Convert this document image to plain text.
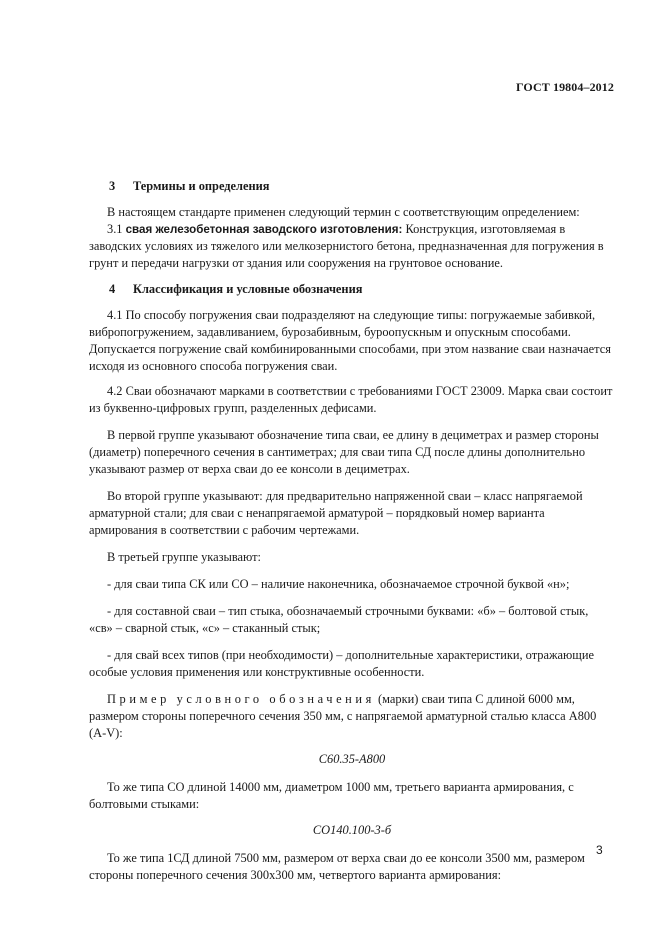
ГОСТ 19804–2012
3 Термины и определения

В настоящем стандарте применен следующий термин с соответствующим определением:

3.1 свая железобетонная заводского изготовления: Конструкция, изготовляемая в заводских условиях из тяжелого или мелкозернистого бетона, предназначенная для погружения в грунт и передачи нагрузки от здания или сооружения на грунтовое основание.

4 Классификация и условные обозначения

4.1 По способу погружения сваи подразделяют на следующие типы: погружаемые забивкой, вибропогружением, задавливанием, бурозабивным, буроопускным и опускным способами. Допускается погружение свай комбинированными способами, при этом название сваи назначается исходя из основного способа погружения сваи.

4.2 Сваи обозначают марками в соответствии с требованиями ГОСТ 23009. Марка сваи состоит из буквенно-цифровых групп, разделенных дефисами.

В первой группе указывают обозначение типа сваи, ее длину в дециметрах и размер стороны (диаметр) поперечного сечения в сантиметрах; для сваи типа СД после длины дополнительно указывают размер от верха сваи до ее консоли в дециметрах.

Во второй группе указывают: для предварительно напряженной сваи – класс напрягаемой арматурной стали; для сваи с ненапрягаемой арматурой – порядковый номер варианта армирования в соответствии с рабочим чертежами.

В третьей группе указывают:

- для сваи типа СК или СО – наличие наконечника, обозначаемое строчной буквой «н»;

- для составной сваи – тип стыка, обозначаемый строчными буквами: «б» – болтовой стык, «св» – сварной стык, «с» – стаканный стык;

- для свай всех типов (при необходимости) – дополнительные характеристики, отражающие особые условия применения или конструктивные особенности.

Пример условного обозначения (марки) сваи типа С длиной 6000 мм, размером стороны поперечного сечения 350 мм, с напрягаемой арматурной сталью класса А800 (A-V):

С60.35-А800

То же типа СО длиной 14000 мм, диаметром 1000 мм, третьего варианта армирования, с болтовыми стыками:

СО140.100-3-б

То же типа 1СД длиной 7500 мм, размером от верха сваи до ее консоли 3500 мм, размером стороны поперечного сечения 300х300 мм, четвертого варианта армирования:

3
